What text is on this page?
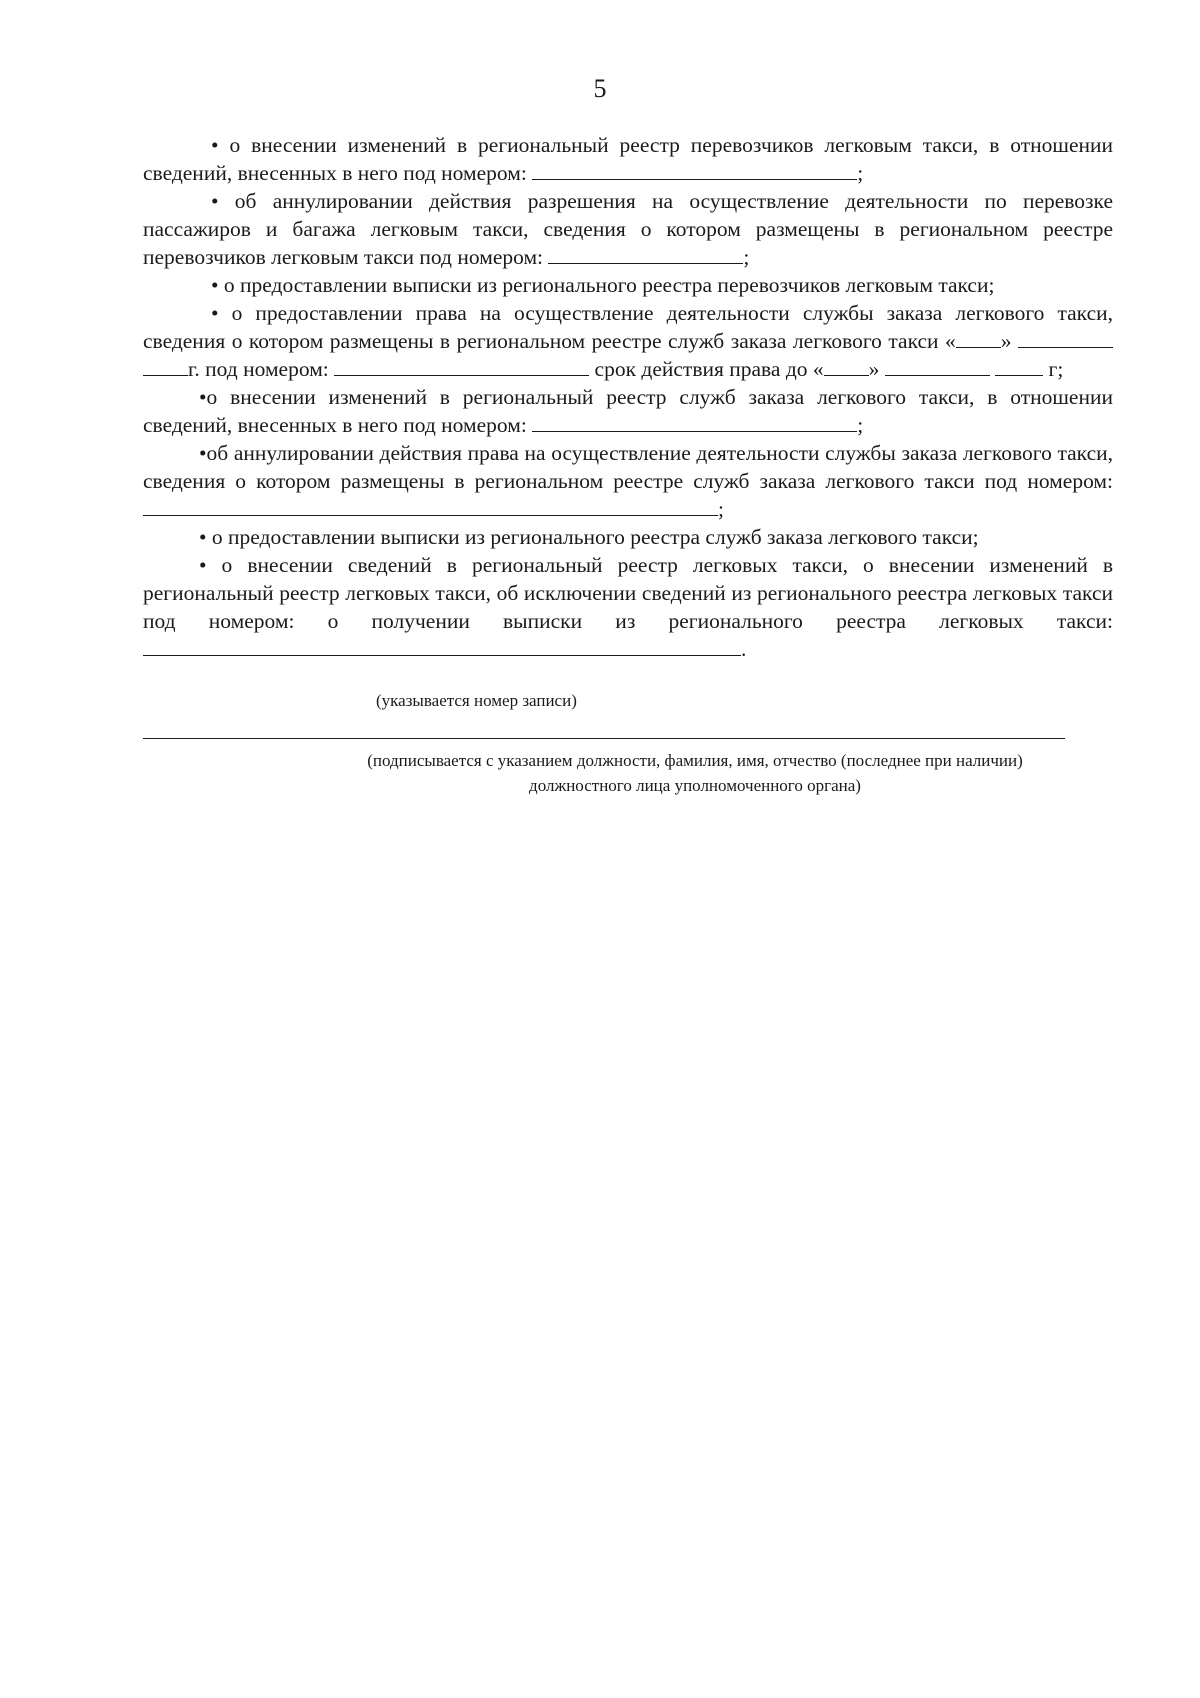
5

• о внесении изменений в региональный реестр перевозчиков легковым такси, в отношении сведений, внесенных в него под номером:	;

• об аннулировании действия разрешения на осуществление деятельности по перевозке пассажиров и багажа легковым такси, сведения о котором размещены в региональном реестре перевозчиков легковым такси под номером:	;

• о предоставлении выписки из регионального реестра перевозчиков легковым такси;

• о предоставлении права на осуществление деятельности службы заказа легкового такси, сведения о котором размещены в региональном реестре служб заказа легкового такси « »  г. под номером:	срок действия права до « »	г;

•о внесении изменений в региональный реестр служб заказа легкового такси, в отношении сведений, внесенных в него под номером:	;

•об аннулировании действия права на осуществление деятельности службы заказа легкового такси, сведения о котором размещены в региональном реестре служб заказа легкового такси под номером: ;

• о предоставлении выписки из регионального реестра служб заказа легкового такси;

• о внесении сведений в региональный реестр легковых такси, о внесении изменений в региональный реестр легковых такси, об исключении сведений из регионального реестра легковых такси под номером: о получении выписки из регионального реестра легковых такси: .

(указывается номер записи)
(подписывается с указанием должности, фамилия, имя, отчество (последнее при наличии)
должностного лица уполномоченного органа)
